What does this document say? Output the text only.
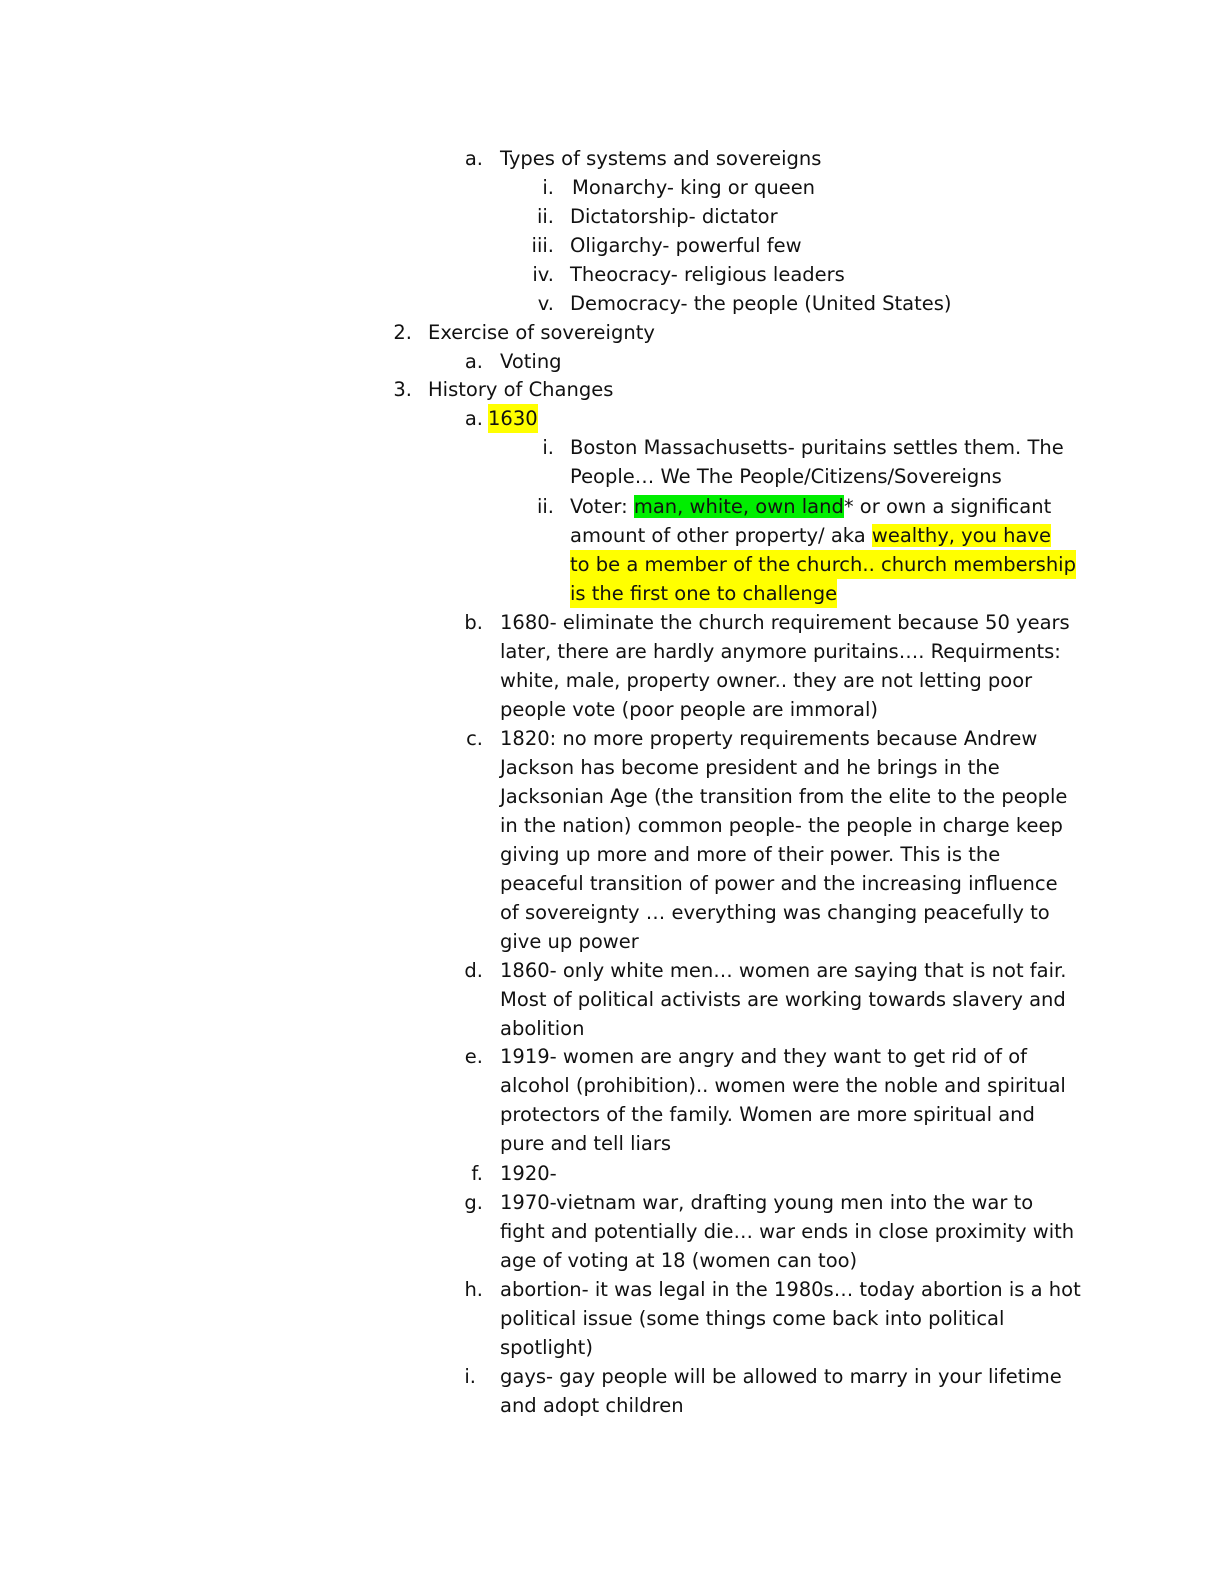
a. Types of systems and sovereigns
i. Monarchy- king or queen
ii. Dictatorship- dictator
iii. Oligarchy- powerful few
iv. Theocracy- religious leaders
v. Democracy- the people (United States)
2. Exercise of sovereignty
a. Voting
3. History of Changes
a. 1630
i. Boston Massachusetts- puritains settles them. The
People… We The People/Citizens/Sovereigns
ii. Voter: man, white, own land* or own a significant
amount of other property/ aka wealthy, you have
to be a member of the church.. church membership
is the first one to challenge
b. 1680- eliminate the church requirement because 50 years
later, there are hardly anymore puritains…. Requirments:
white, male, property owner.. they are not letting poor
people vote (poor people are immoral)
c. 1820: no more property requirements because Andrew
Jackson has become president and he brings in the
Jacksonian Age (the transition from the elite to the people
in the nation) common people- the people in charge keep
giving up more and more of their power. This is the
peaceful transition of power and the increasing influence
of sovereignty … everything was changing peacefully to
give up power
d. 1860- only white men… women are saying that is not fair.
Most of political activists are working towards slavery and
abolition
e. 1919- women are angry and they want to get rid of of
alcohol (prohibition).. women were the noble and spiritual
protectors of the family. Women are more spiritual and
pure and tell liars
f. 1920-
g. 1970-vietnam war, drafting young men into the war to
fight and potentially die… war ends in close proximity with
age of voting at 18 (women can too)
h. abortion- it was legal in the 1980s… today abortion is a hot
political issue (some things come back into political
spotlight)
i. gays- gay people will be allowed to marry in your lifetime
and adopt children
